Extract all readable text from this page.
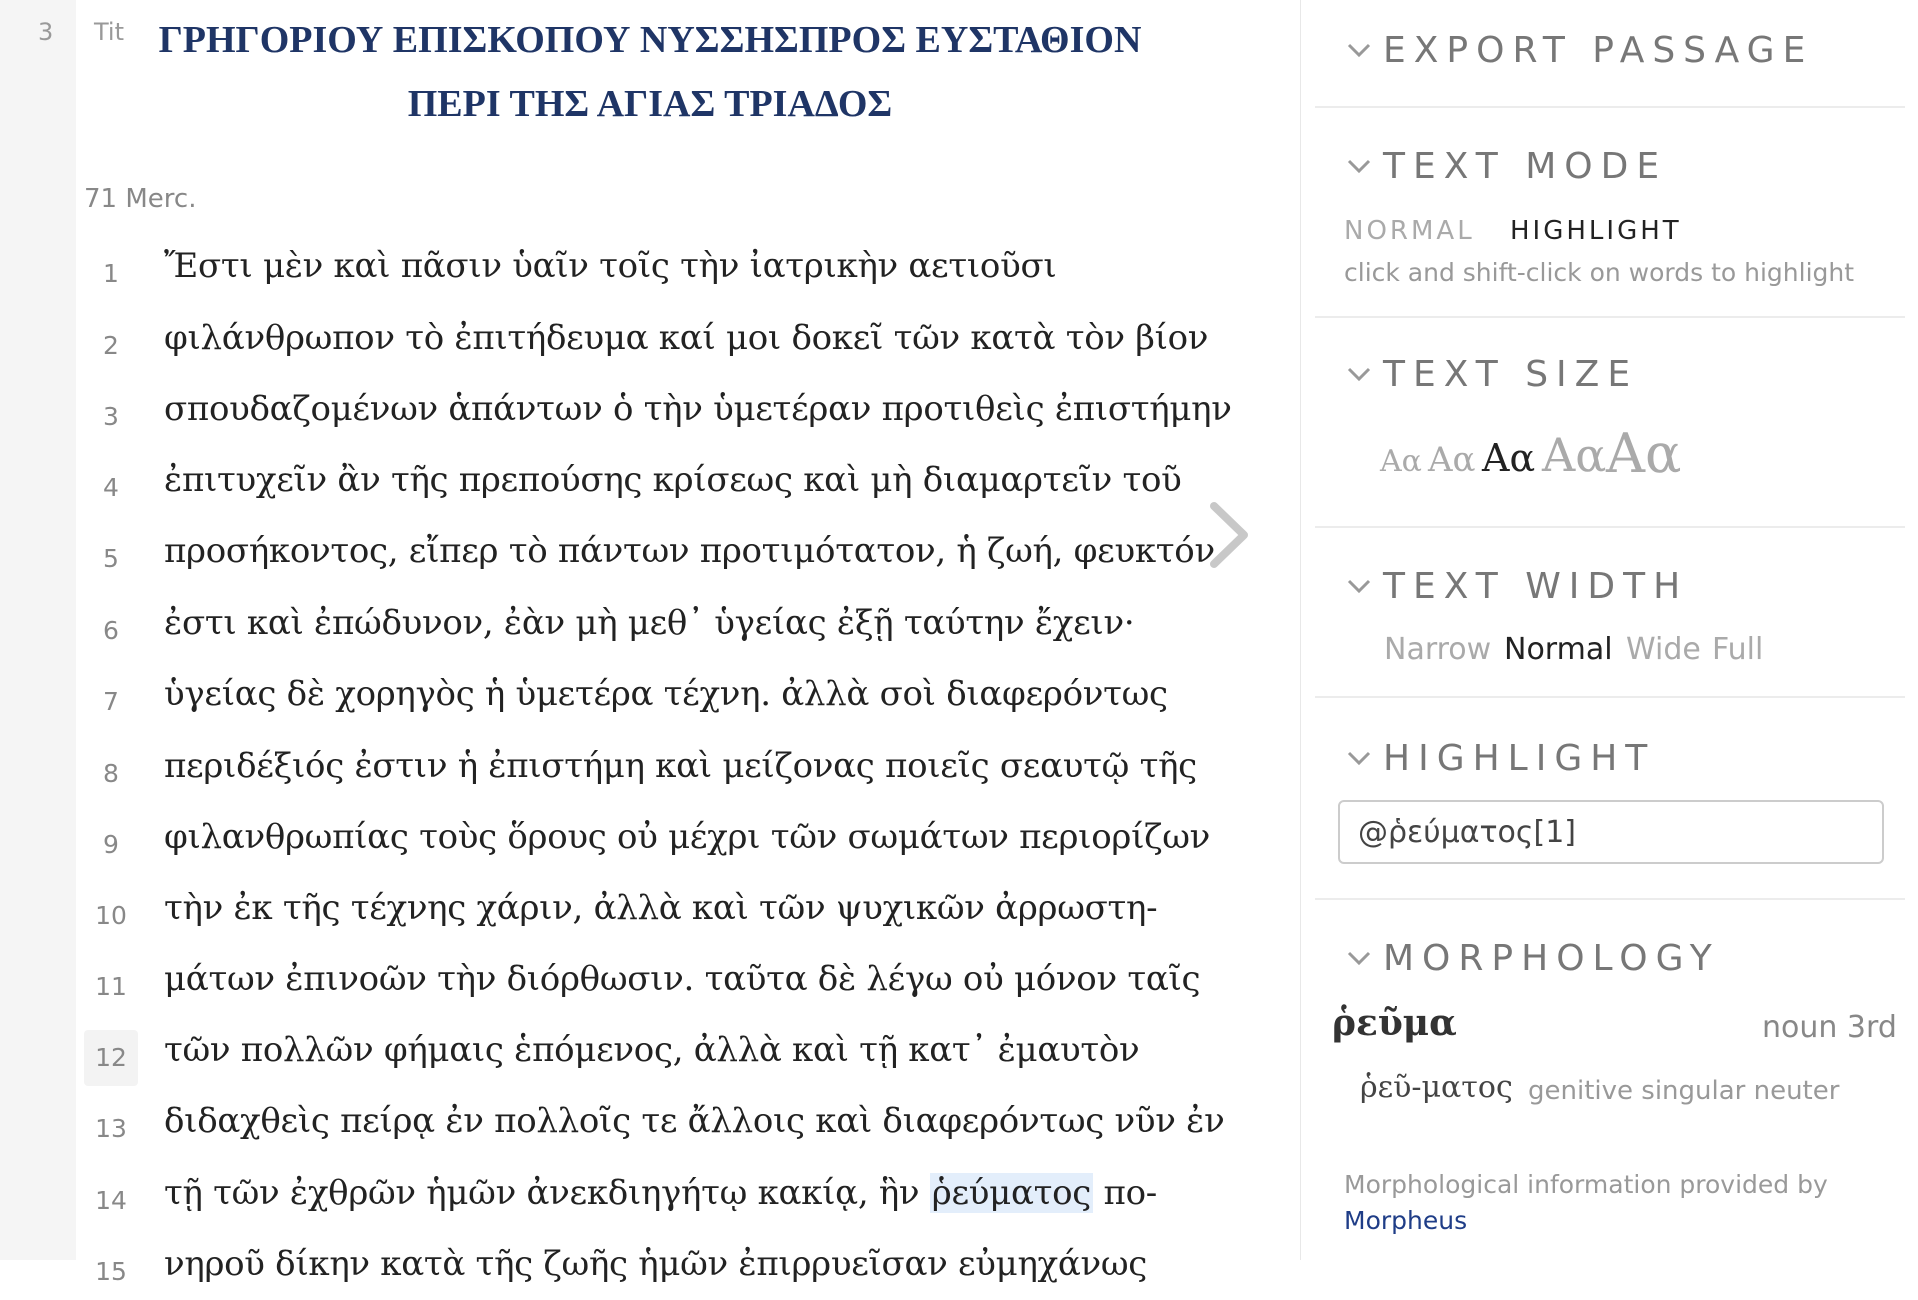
3 Tit ΓΡΗΓΟΡΙΟΥ ΕΠΙΣΚΟΠΟΥ ΝΥΣΣΗΣΠΡΟΣ ΕΥΣΤΑΘΙΟΝ
ΠΕΡΙ ΤΗΣ ΑΓΙΑΣ ΤΡΙΑΔΟΣ
71 Merc.
1	Ἔστι μὲν καὶ πᾶσιν ὑαῖν τοῖς τὴν ἰατρικὴν αετιοῦσι
2	φιλάνθρωπον τὸ ἐπιτήδευμα καί μοι δοκεῖ τῶν κατὰ τὸν βίον
3	σπουδαζομένων ἁπάντων ὁ τὴν ὑμετέραν προτιθεὶς ἐπιστήμην
4	ἐπιτυχεῖν ἂν τῆς πρεπούσης κρίσεως καὶ μὴ διαμαρτεῖν τοῦ
5	προσήκοντος, εἴπερ τὸ πάντων προτιμότατον, ἡ ζωή, φευκτόν
6	ἐστι καὶ ἐπώδυνον, ἐὰν μὴ μεθ᾽ ὑγείας ἐξῇ ταύτην ἔχειν·
7	ὑγείας δὲ χορηγὸς ἡ ὑμετέρα τέχνη. ἀλλὰ σοὶ διαφερόντως
8	περιδέξιός ἐστιν ἡ ἐπιστήμη καὶ μείζονας ποιεῖς σεαυτῷ τῆς
9	φιλανθρωπίας τοὺς ὅρους οὐ μέχρι τῶν σωμάτων περιορίζων
10	τὴν ἐκ τῆς τέχνης χάριν, ἀλλὰ καὶ τῶν ψυχικῶν ἀρρωστη-
11	μάτων ἐπινοῶν τὴν διόρθωσιν. ταῦτα δὲ λέγω οὐ μόνον ταῖς
12	τῶν πολλῶν φήμαις ἑπόμενος, ἀλλὰ καὶ τῇ κατ᾽ ἐμαυτὸν
13	διδαχθεὶς πείρᾳ ἐν πολλοῖς τε ἄλλοις καὶ διαφερόντως νῦν ἐν
14	τῇ τῶν ἐχθρῶν ἡμῶν ἀνεκδιηγήτῳ κακίᾳ, ἣν ῥεύματος πο-
15	νηροῦ δίκην κατὰ τῆς ζωῆς ἡμῶν ἐπιρρυεῖσαν εὐμηχάνως
EXPORT PASSAGE
TEXT MODE
TEXT SIZE
TEXT WIDTH
HIGHLIGHT
MORPHOLOGY
NORMAL HIGHLIGHT
click and shift-click on words to highlight
Aα Aα Aα Aα Aα
Narrow Normal Wide Full
@ῥεύματος[1]
ῥεῦμα	noun 3rd
ῥεῦ-ματος genitive singular neuter
Morphological information provided by
Morpheus
